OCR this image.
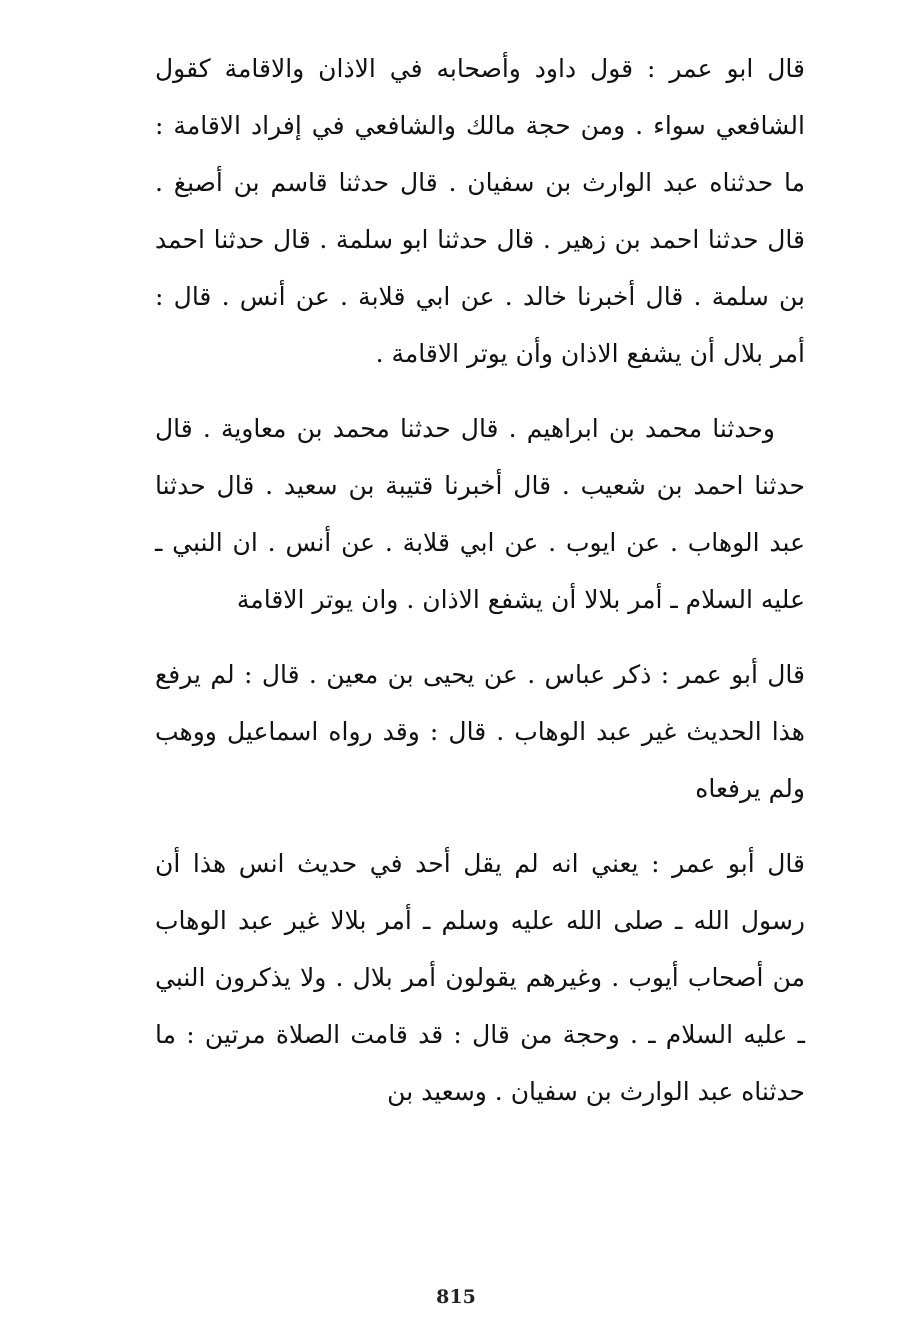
قال ابو عمر : قول داود وأصحابه في الاذان والاقامة كقول الشافعي سواء . ومن حجة مالك والشافعي في إفراد الاقامة : ما حدثناه عبد الوارث بن سفيان . قال حدثنا قاسم بن أصبغ . قال حدثنا احمد بن زهير . قال حدثنا ابو سلمة . قال حدثنا احمد بن سلمة . قال أخبرنا خالد . عن ابي قلابة . عن أنس . قال : أمر بلال أن يشفع الاذان وأن يوتر الاقامة .

وحدثنا محمد بن ابراهيم . قال حدثنا محمد بن معاوية . قال حدثنا احمد بن شعيب . قال أخبرنا قتيبة بن سعيد . قال حدثنا عبد الوهاب . عن ايوب . عن ابي قلابة . عن أنس . ان النبي ـ عليه السلام ـ أمر بلالا أن يشفع الاذان . وان يوتر الاقامة

قال أبو عمر : ذكر عباس . عن يحيى بن معين . قال : لم يرفع هذا الحديث غير عبد الوهاب . قال : وقد رواه اسماعيل ووهب ولم يرفعاه

قال أبو عمر : يعني انه لم يقل أحد في حديث انس هذا أن رسول الله ـ صلى الله عليه وسلم ـ أمر بلالا غير عبد الوهاب من أصحاب أيوب . وغيرهم يقولون أمر بلال . ولا يذكرون النبي ـ عليه السلام ـ . وحجة من قال : قد قامت الصلاة مرتين : ما حدثناه عبد الوارث بن سفيان . وسعيد بن

815
